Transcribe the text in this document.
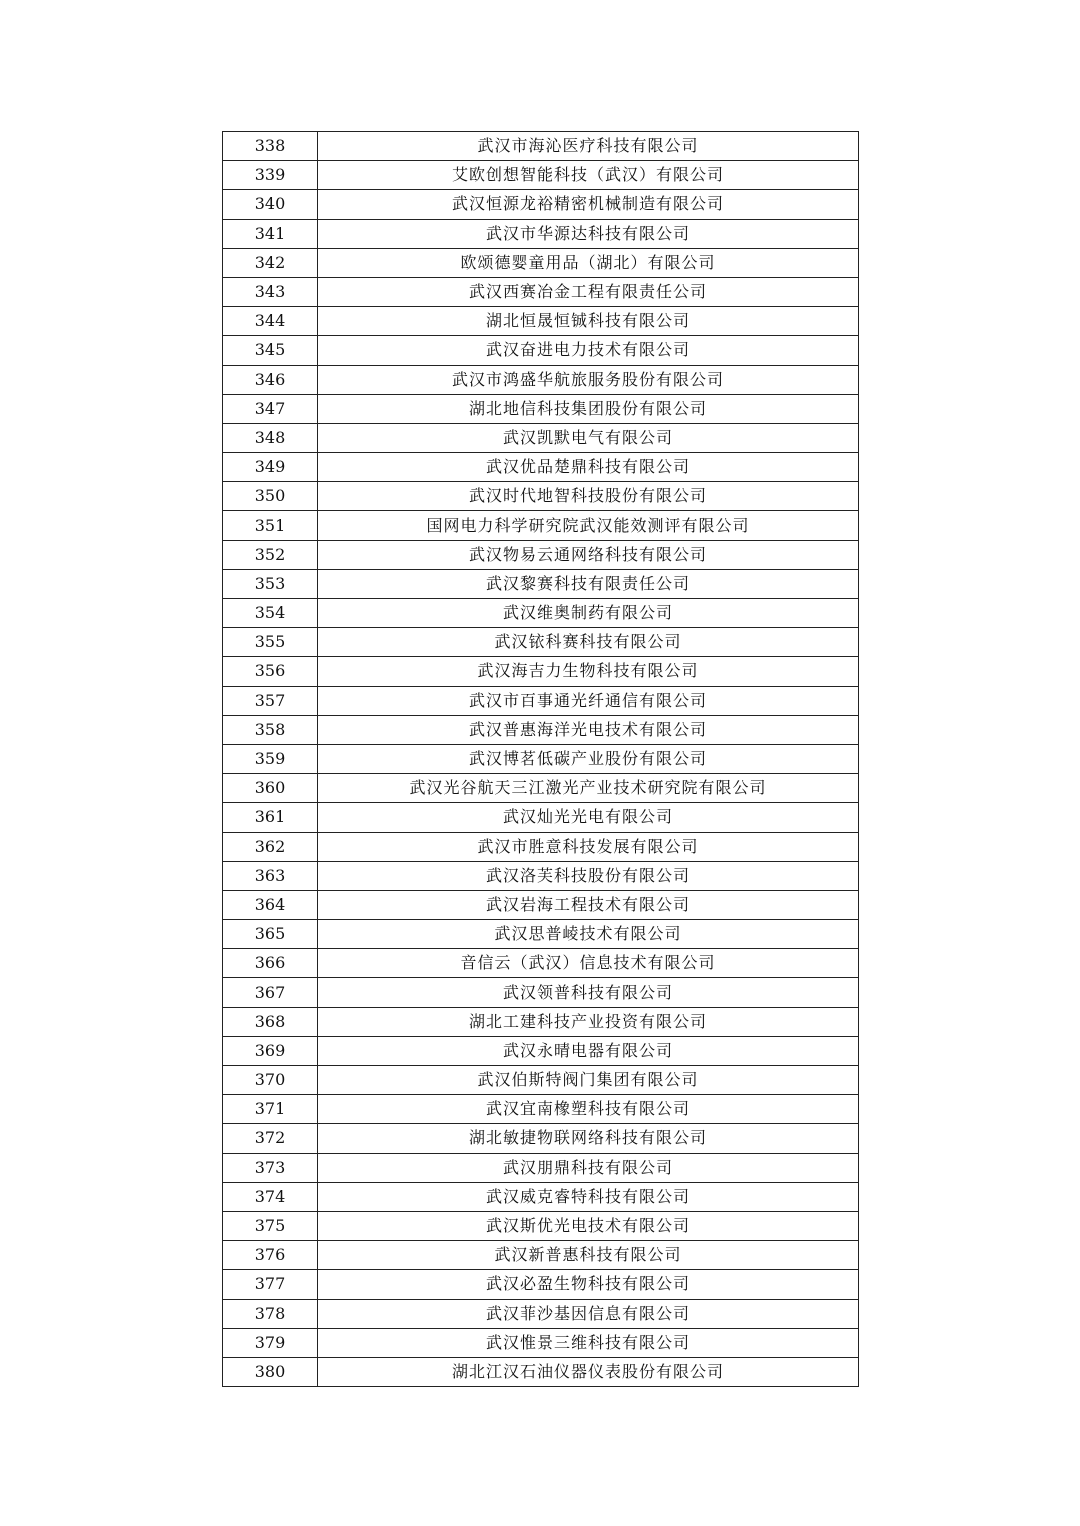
338	武汉市海沁医疗科技有限公司
339	艾欧创想智能科技（武汉）有限公司
340	武汉恒源龙裕精密机械制造有限公司
341	武汉市华源达科技有限公司
342	欧颂德婴童用品（湖北）有限公司
343	武汉西赛冶金工程有限责任公司
344	湖北恒晟恒铖科技有限公司
345	武汉奋进电力技术有限公司
346	武汉市鸿盛华航旅服务股份有限公司
347	湖北地信科技集团股份有限公司
348	武汉凯默电气有限公司
349	武汉优品楚鼎科技有限公司
350	武汉时代地智科技股份有限公司
351	国网电力科学研究院武汉能效测评有限公司
352	武汉物易云通网络科技有限公司
353	武汉黎赛科技有限责任公司
354	武汉维奥制药有限公司
355	武汉铱科赛科技有限公司
356	武汉海吉力生物科技有限公司
357	武汉市百事通光纤通信有限公司
358	武汉普惠海洋光电技术有限公司
359	武汉博茗低碳产业股份有限公司
360	武汉光谷航天三江激光产业技术研究院有限公司
361	武汉灿光光电有限公司
362	武汉市胜意科技发展有限公司
363	武汉洛芙科技股份有限公司
364	武汉岩海工程技术有限公司
365	武汉思普崚技术有限公司
366	音信云（武汉）信息技术有限公司
367	武汉领普科技有限公司
368	湖北工建科技产业投资有限公司
369	武汉永晴电器有限公司
370	武汉伯斯特阀门集团有限公司
371	武汉宜南橡塑科技有限公司
372	湖北敏捷物联网络科技有限公司
373	武汉朋鼎科技有限公司
374	武汉威克睿特科技有限公司
375	武汉斯优光电技术有限公司
376	武汉新普惠科技有限公司
377	武汉必盈生物科技有限公司
378	武汉菲沙基因信息有限公司
379	武汉惟景三维科技有限公司
380	湖北江汉石油仪器仪表股份有限公司
